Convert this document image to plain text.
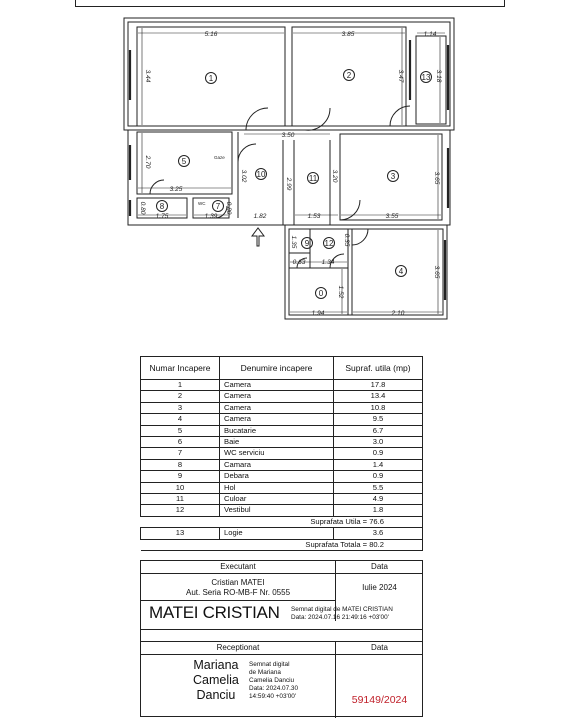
1	2	13
5
10	11	3
8	7
9 12
4
0
Gaze
WC
5.16	3.85	1.14
3.50
3.25
1.75	1.39	1.82	1.53	3.55
0.63	1.34
1.94	2.10
3.44	3.47	3.18
2.70
3.02
2.99
3.20	3.65
0.80	0.80
1.35	0.35
3.65
1.52
Numar Incapere	Denumire incapere	Supraf. utila (mp)
1	Camera	17.8
2	Camera	13.4
3	Camera	10.8
4	Camera	9.5
5	Bucatarie	6.7
6	Baie	3.0
7	WC serviciu	0.9
8	Camara	1.4
9	Debara	0.9
10	Hol	5.5
11	Culoar	4.9
12	Vestibul	1.8
	Suprafata Utila = 76.6	
13	Logie	3.6
	Suprafata Totala = 80.2	
Executant	Data
Cristian MATEI
Aut. Seria RO-MB-F Nr. 0555
Iulie 2024
MATEI CRISTIAN Semnat digital de MATEI CRISTIAN
Data: 2024.07.16 21:49:16 +03'00'
Receptionat	Data
Mariana
Camelia
Danciu
Semnat digital
de Mariana
Camelia Danciu
Data: 2024.07.30
14:59:40 +03'00'	59149/2024
